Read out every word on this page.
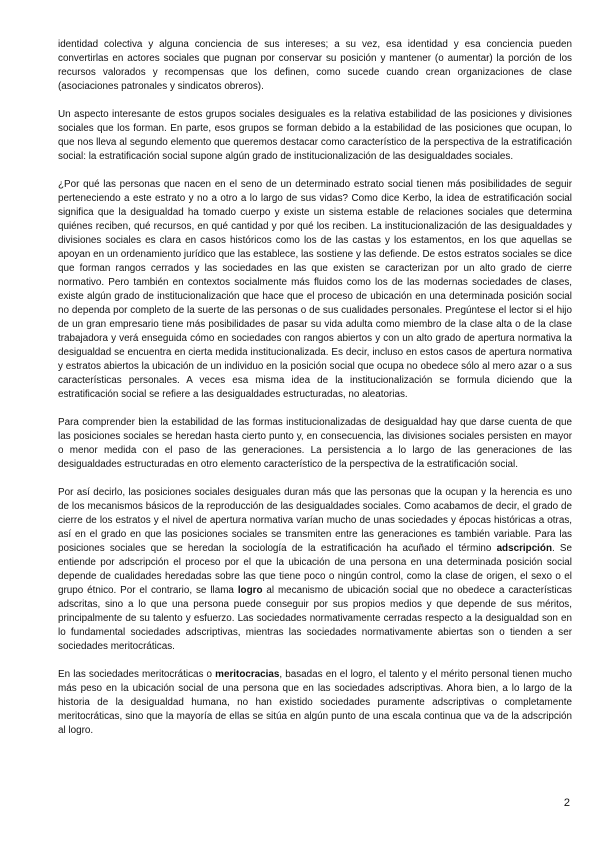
identidad colectiva y alguna conciencia de sus intereses; a su vez, esa identidad y esa conciencia pueden convertirlas en actores sociales que pugnan por conservar su posición y mantener (o aumentar) la porción de los recursos valorados y recompensas que los definen, como sucede cuando crean organizaciones de clase (asociaciones patronales y sindicatos obreros).

Un aspecto interesante de estos grupos sociales desiguales es la relativa estabilidad de las posiciones y divisiones sociales que los forman. En parte, esos grupos se forman debido a la estabilidad de las posiciones que ocupan, lo que nos lleva al segundo elemento que queremos destacar como característico de la perspectiva de la estratificación social: la estratificación social supone algún grado de institucionalización de las desigualdades sociales.

¿Por qué las personas que nacen en el seno de un determinado estrato social tienen más posibilidades de seguir perteneciendo a este estrato y no a otro a lo largo de sus vidas? Como dice Kerbo, la idea de estratificación social significa que la desigualdad ha tomado cuerpo y existe un sistema estable de relaciones sociales que determina quiénes reciben, qué recursos, en qué cantidad y por qué los reciben. La institucionalización de las desigualdades y divisiones sociales es clara en casos históricos como los de las castas y los estamentos, en los que aquellas se apoyan en un ordenamiento jurídico que las establece, las sostiene y las defiende. De estos estratos sociales se dice que forman rangos cerrados y las sociedades en las que existen se caracterizan por un alto grado de cierre normativo. Pero también en contextos socialmente más fluidos como los de las modernas sociedades de clases, existe algún grado de institucionalización que hace que el proceso de ubicación en una determinada posición social no dependa por completo de la suerte de las personas o de sus cualidades personales. Pregúntese el lector si el hijo de un gran empresario tiene más posibilidades de pasar su vida adulta como miembro de la clase alta o de la clase trabajadora y verá enseguida cómo en sociedades con rangos abiertos y con un alto grado de apertura normativa la desigualdad se encuentra en cierta medida institucionalizada. Es decir, incluso en estos casos de apertura normativa y estratos abiertos la ubicación de un individuo en la posición social que ocupa no obedece sólo al mero azar o a sus características personales. A veces esa misma idea de la institucionalización se formula diciendo que la estratificación social se refiere a las desigualdades estructuradas, no aleatorias.

Para comprender bien la estabilidad de las formas institucionalizadas de desigualdad hay que darse cuenta de que las posiciones sociales se heredan hasta cierto punto y, en consecuencia, las divisiones sociales persisten en mayor o menor medida con el paso de las generaciones. La persistencia a lo largo de las generaciones de las desigualdades estructuradas en otro elemento característico de la perspectiva de la estratificación social.

Por así decirlo, las posiciones sociales desiguales duran más que las personas que la ocupan y la herencia es uno de los mecanismos básicos de la reproducción de las desigualdades sociales. Como acabamos de decir, el grado de cierre de los estratos y el nivel de apertura normativa varían mucho de unas sociedades y épocas históricas a otras, así en el grado en que las posiciones sociales se transmiten entre las generaciones es también variable. Para las posiciones sociales que se heredan la sociología de la estratificación ha acuñado el término adscripción. Se entiende por adscripción el proceso por el que la ubicación de una persona en una determinada posición social depende de cualidades heredadas sobre las que tiene poco o ningún control, como la clase de origen, el sexo o el grupo étnico. Por el contrario, se llama logro al mecanismo de ubicación social que no obedece a características adscritas, sino a lo que una persona puede conseguir por sus propios medios y que depende de sus méritos, principalmente de su talento y esfuerzo. Las sociedades normativamente cerradas respecto a la desigualdad son en lo fundamental sociedades adscriptivas, mientras las sociedades normativamente abiertas son o tienden a ser sociedades meritocráticas.

En las sociedades meritocráticas o meritocracias, basadas en el logro, el talento y el mérito personal tienen mucho más peso en la ubicación social de una persona que en las sociedades adscriptivas. Ahora bien, a lo largo de la historia de la desigualdad humana, no han existido sociedades puramente adscriptivas o completamente meritocráticas, sino que la mayoría de ellas se sitúa en algún punto de una escala continua que va de la adscripción al logro.

2
